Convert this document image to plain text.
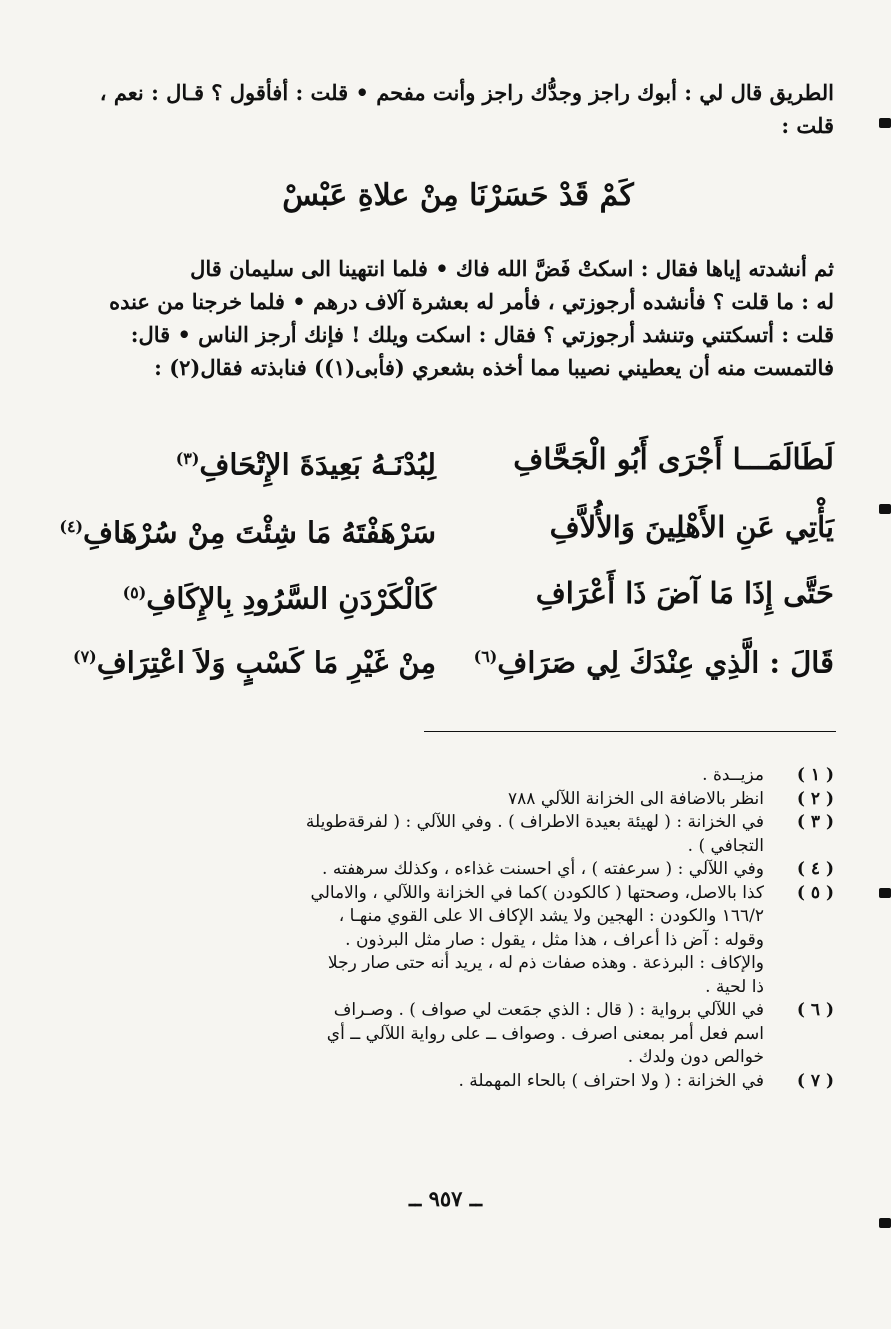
الطريق قال لي : أبوك راجز وجدُّك راجز وأنت مفحم • قلت : أفأقول ؟ قـال : نعم ، قلت :
كَمْ قَدْ حَسَرْنَا مِنْ علاةِ عَبْسْ
ثم أنشدته إياها فقال : اسكتْ فَضَّ الله فاك • فلما انتهينا الى سليمان قال
له : ما قلت ؟ فأنشده أرجوزتي ، فأمر له بعشرة آلاف درهم • فلما خرجنا من عنده
قلت : أتسكتني وتنشد أرجوزتي ؟ فقال : اسكت ويلك ! فإنك أرجز الناس • قال:
فالتمست منه أن يعطيني نصيبا مما أخذه بشعري (فأبى(١)) فنابذته فقال(٢) :
لَطَالَمَـــا أَجْرَى أَبُو الْجَحَّافِ
لِبُدْنَـهُ بَعِيدَةَ الإِتْحَافِ$^{(٣)}$
يَأْتِي عَنِ الأَهْلِينَ وَالأُلاَّفِ
سَرْهَفْتَهُ مَا شِئْتَ مِنْ سُرْهَافِ$^{(٤)}$
حَتَّى إِذَا مَا آضَ ذَا أَعْرَافِ
كَالْكَرْدَنِ السَّرُودِ بِالإِكَافِ$^{(٥)}$
قَالَ : الَّذِي عِنْدَكَ لِي صَرَافِ$^{(٦)}$
مِنْ غَيْرِ مَا كَسْبٍ وَلاَ اعْتِرَافِ$^{(٧)}$
( ١ )
مزيــدة .
( ٢ )
انظر بالاضافة الى الخزانة اللآلي ٧٨٨
( ٣ )
في الخزانة : ( لهيئة بعيدة الاطراف ) . وفي اللآلي : ( لفرقةطويلة
التجافي ) .
( ٤ )
وفي اللآلي : ( سرعفته ) ، أي احسنت غذاءه ، وكذلك سرهفته .
( ٥ )
كذا بالاصل، وصحتها ( كالكودن )كما في الخزانة واللآلي ، والامالي
١٦٦/٢ والكودن : الهجين ولا يشد الإكاف الا على القوي منهـا ،
وقوله : آض ذا أعراف ، هذا مثل ، يقول : صار مثل البرذون .
والإكاف : البرذعة . وهذه صفات ذم له ، يريد أنه حتى صار رجلا
ذا لحية .
( ٦ )
في اللآلي برواية : ( قال : الذي جمَعت لي صواف ) . وصـراف
اسم فعل أمر بمعنى اصرف . وصواف ــ على رواية اللآلي ــ أي
خوالص دون ولدك .
( ٧ )
في الخزانة : ( ولا احتراف ) بالحاء المهملة .
ــ ٩٥٧ ــ
